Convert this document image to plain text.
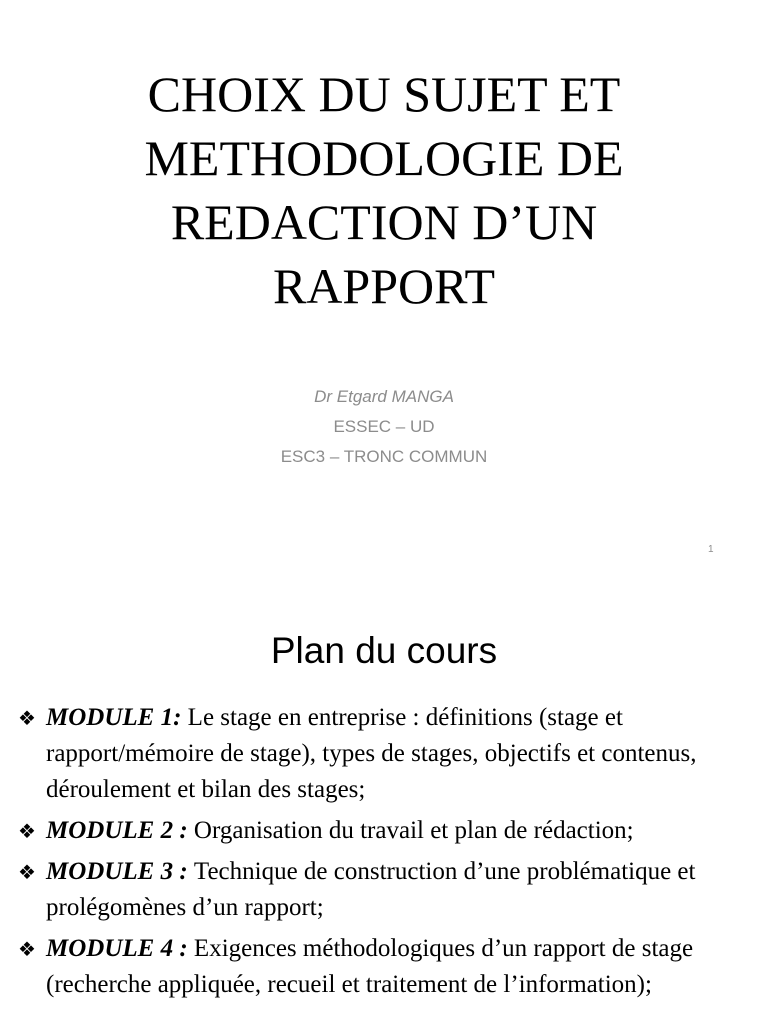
CHOIX DU SUJET ET
METHODOLOGIE DE
REDACTION D’UN
RAPPORT
Dr Etgard MANGA
ESSEC – UD
ESC3 – TRONC COMMUN
1
Plan du cours
❖ MODULE 1: Le stage en entreprise : définitions (stage et rapport/mémoire de stage), types de stages, objectifs et contenus, déroulement et bilan des stages;
❖ MODULE 2 : Organisation du travail et plan de rédaction;
❖ MODULE 3 : Technique de construction d’une problématique et prolégomènes d’un rapport;
❖ MODULE 4 : Exigences méthodologiques d’un rapport de stage (recherche appliquée, recueil et traitement de l’information);
